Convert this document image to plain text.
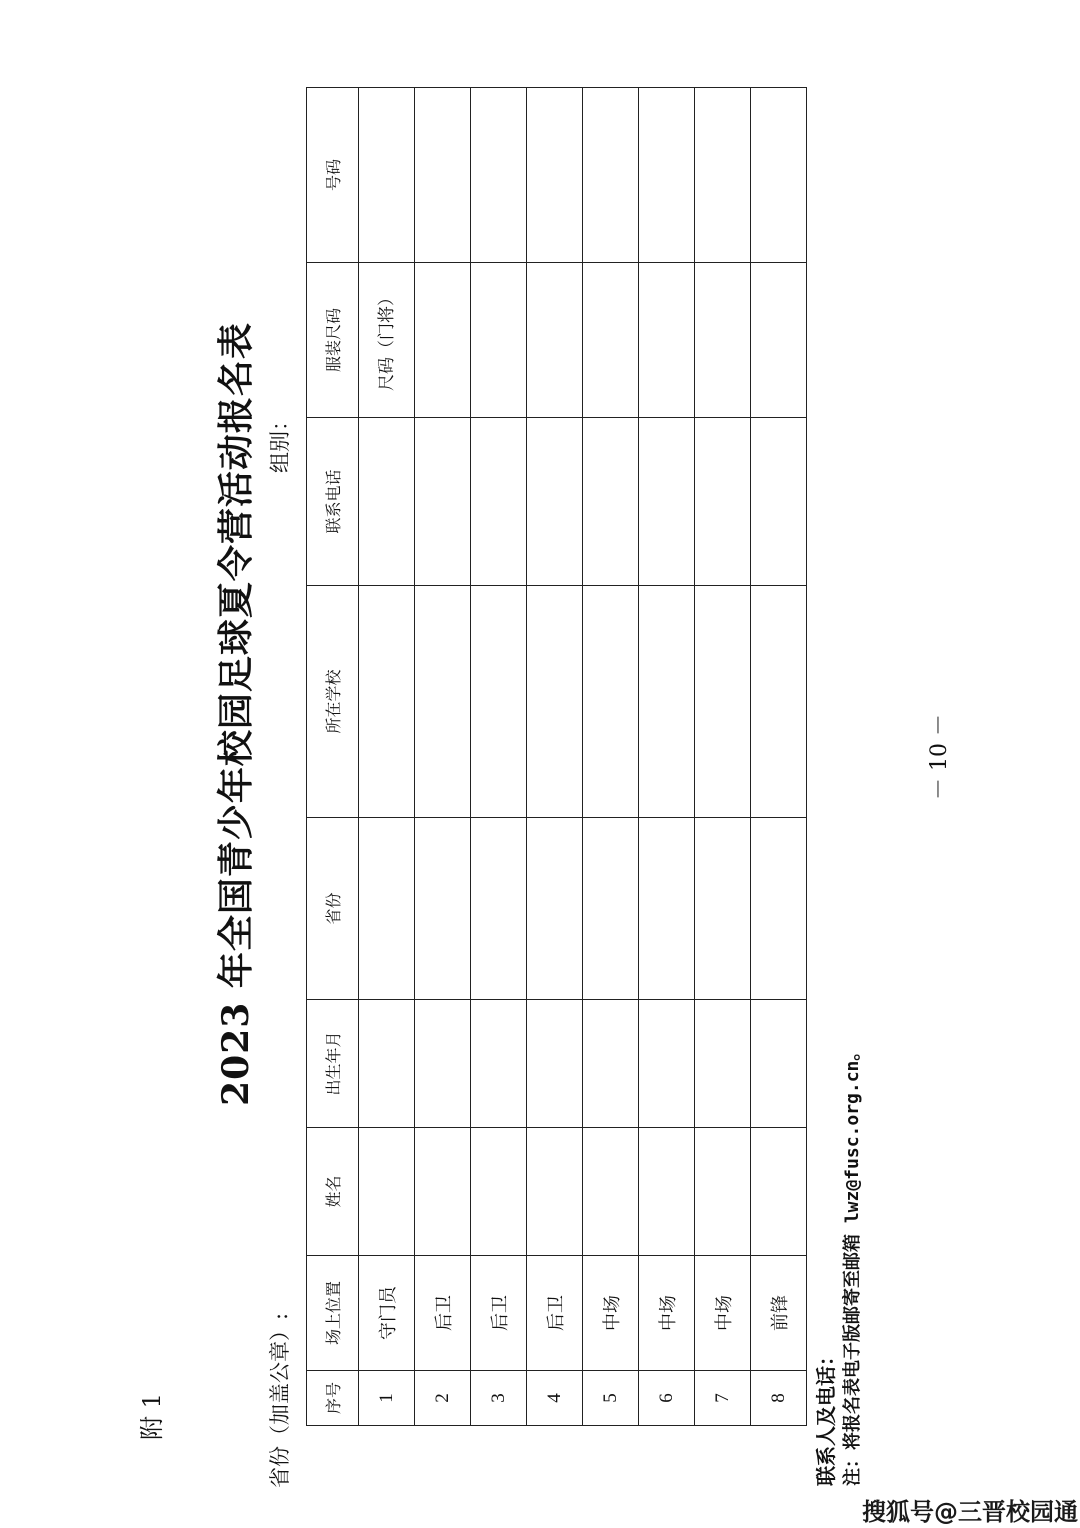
附 1
2023 年全国青少年校园足球夏令营活动报名表
省份（加盖公章）:
组别：
序号	场上位置	姓名	出生年月	省份	所在学校	联系电话	服装尺码	号码
1	守门员						尺码（门将）	
2	后卫							
3	后卫							
4	后卫							
5	中场							
6	中场							
7	中场							
8	前锋							
联系人及电话： 注：将报名表电子版邮寄至邮箱 lwz@fusc.org.cn。
－ 10 －
搜狐号@三晋校园通
